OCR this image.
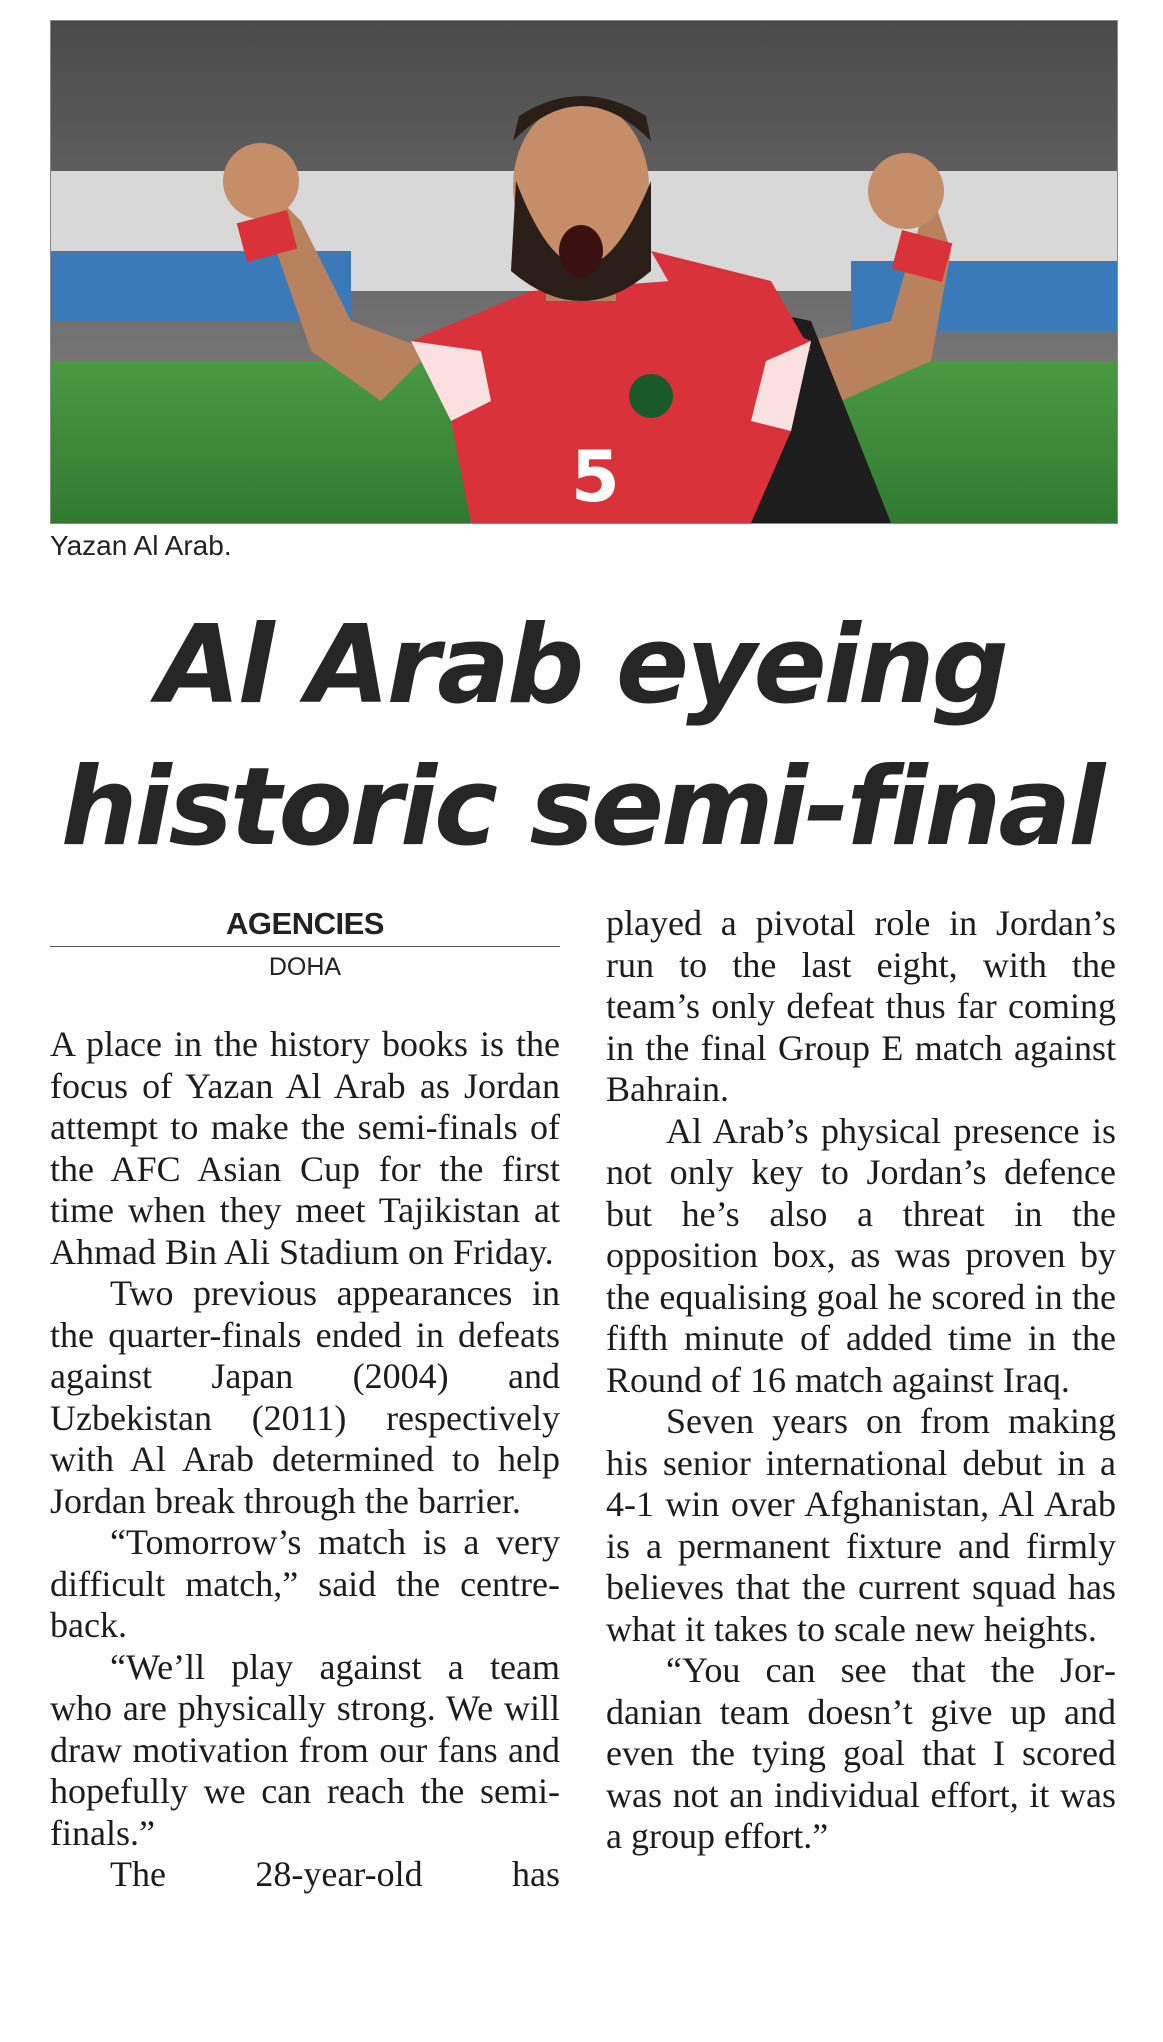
5
Yazan Al Arab.
Al Arab eyeing
historic semi-final
AGENCIES
DOHA

A place in the history books is the focus of Yazan Al Arab as Jordan attempt to make the semi-finals of the AFC Asian Cup for the first time when they meet Tajikistan at Ahmad Bin Ali Stadium on Friday.

Two previous appearances in the quarter-finals ended in defeats against Japan (2004) and Uzbekistan (2011) respectively with Al Arab determined to help Jordan break through the barrier.

“Tomorrow’s match is a very difficult match,” said the centre-back.

“We’ll play against a team who are physically strong. We will draw motivation from our fans and hopefully we can reach the semi-finals.”

The 28-year-old has

played a pivotal role in Jordan’s run to the last eight, with the team’s only defeat thus far coming in the final Group E match against Bahrain.

Al Arab’s physical presence is not only key to Jordan’s defence but he’s also a threat in the opposition box, as was proven by the equalising goal he scored in the fifth minute of added time in the Round of 16 match against Iraq.

Seven years on from making his senior international debut in a 4-1 win over Afghanistan, Al Arab is a permanent fixture and firmly believes that the current squad has what it takes to scale new heights.

“You can see that the Jordanian team doesn’t give up and even the tying goal that I scored was not an individual effort, it was a group effort.”
